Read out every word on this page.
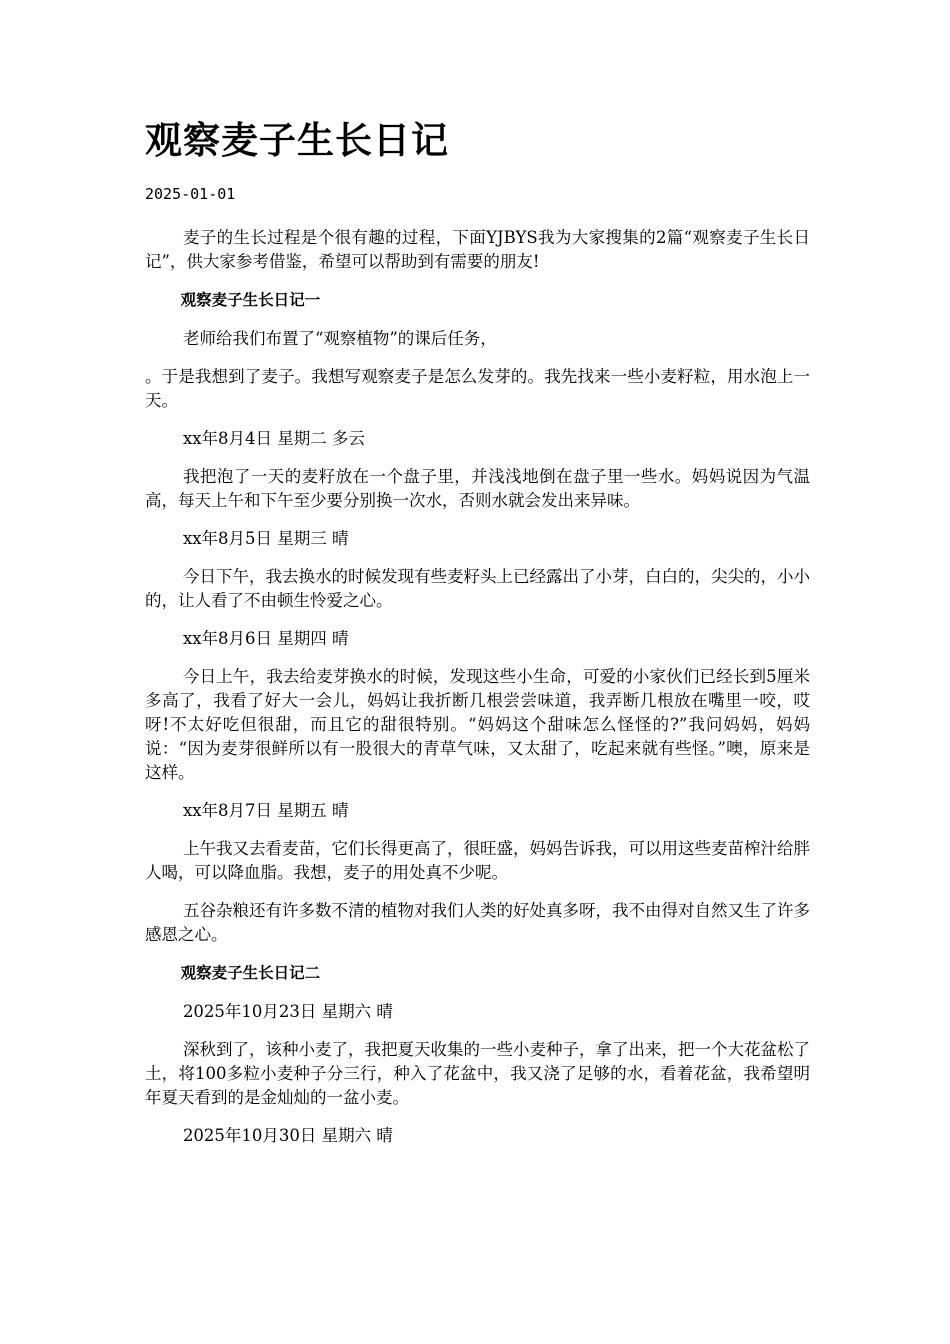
观察麦子生长日记
2025-01-01

麦子的生长过程是个很有趣的过程，下面YJBYS我为大家搜集的2篇“观察麦子生长日记”，供大家参考借鉴，希望可以帮助到有需要的朋友!

观察麦子生长日记一

老师给我们布置了“观察植物”的课后任务，

。于是我想到了麦子。我想写观察麦子是怎么发芽的。我先找来一些小麦籽粒，用水泡上一天。

xx年8月4日 星期二 多云

我把泡了一天的麦籽放在一个盘子里，并浅浅地倒在盘子里一些水。妈妈说因为气温高，每天上午和下午至少要分别换一次水，否则水就会发出来异味。

xx年8月5日 星期三 晴

今日下午，我去换水的时候发现有些麦籽头上已经露出了小芽，白白的，尖尖的，小小的，让人看了不由顿生怜爱之心。

xx年8月6日 星期四 晴

今日上午，我去给麦芽换水的时候，发现这些小生命，可爱的小家伙们已经长到5厘米多高了，我看了好大一会儿，妈妈让我折断几根尝尝味道，我弄断几根放在嘴里一咬，哎呀!不太好吃但很甜，而且它的甜很特别。“妈妈这个甜味怎么怪怪的?”我问妈妈，妈妈说：“因为麦芽很鲜所以有一股很大的青草气味，又太甜了，吃起来就有些怪。”噢，原来是这样。

xx年8月7日 星期五 晴

上午我又去看麦苗，它们长得更高了，很旺盛，妈妈告诉我，可以用这些麦苗榨汁给胖人喝，可以降血脂。我想，麦子的用处真不少呢。

五谷杂粮还有许多数不清的植物对我们人类的好处真多呀，我不由得对自然又生了许多感恩之心。

观察麦子生长日记二

2025年10月23日 星期六 晴

深秋到了，该种小麦了，我把夏天收集的一些小麦种子，拿了出来，把一个大花盆松了土，将100多粒小麦种子分三行，种入了花盆中，我又浇了足够的水，看着花盆，我希望明年夏天看到的是金灿灿的一盆小麦。

2025年10月30日 星期六 晴
